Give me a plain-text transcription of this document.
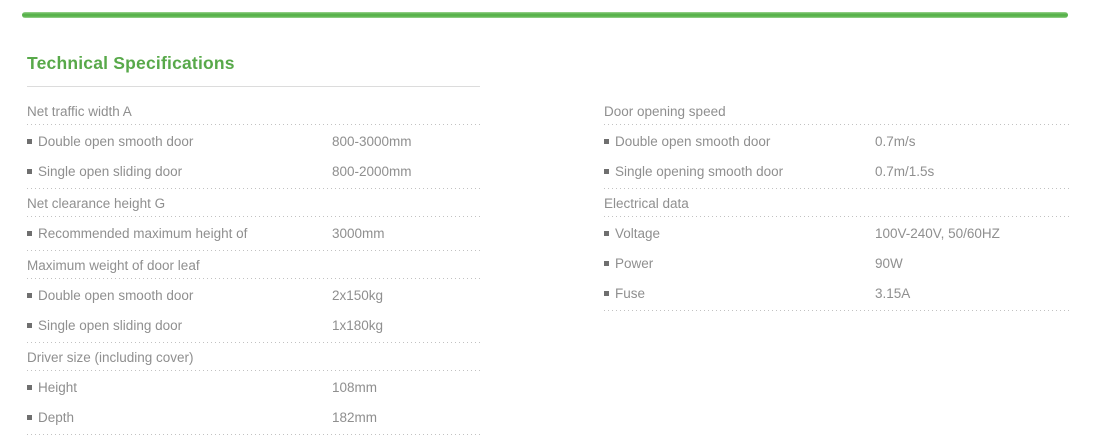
Technical Specifications
Net traffic width A
Double open smooth door	800-3000mm
Single open sliding door	800-2000mm
Net clearance height G
Recommended maximum height of	3000mm
Maximum weight of door leaf
Double open smooth door	2x150kg
Single open sliding door	1x180kg
Driver size (including cover)
Height	108mm
Depth	182mm
Door opening speed
Double open smooth door	0.7m/s
Single opening smooth door	0.7m/1.5s
Electrical data
Voltage	100V-240V, 50/60HZ
Power	90W
Fuse	3.15A
